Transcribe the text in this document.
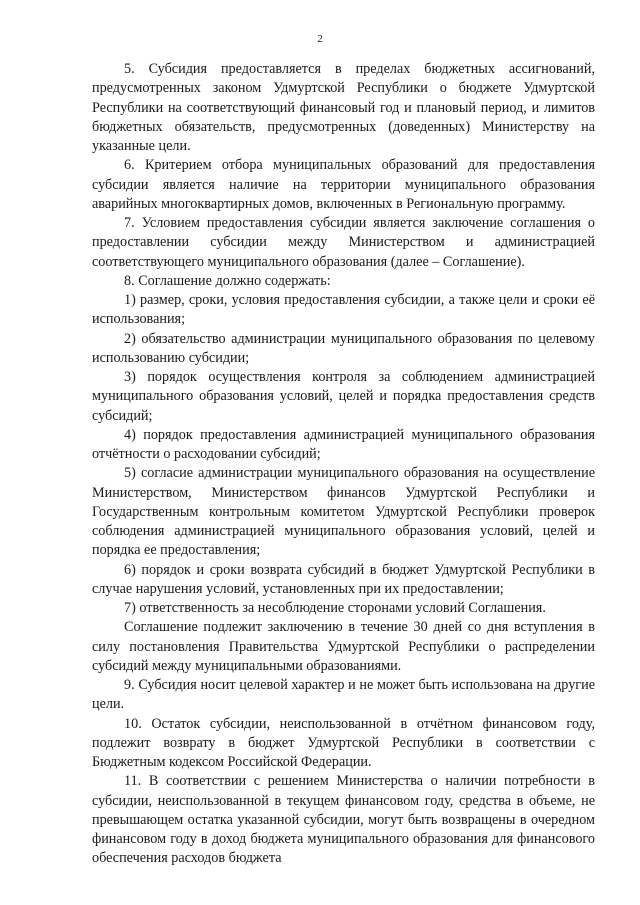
2

5. Субсидия предоставляется в пределах бюджетных ассигнований, предусмотренных законом Удмуртской Республики о бюджете Удмуртской Республики на соответствующий финансовый год и плановый период, и лимитов бюджетных обязательств, предусмотренных (доведенных) Министерству на указанные цели.

6. Критерием отбора муниципальных образований для предоставления субсидии является наличие на территории муниципального образования аварийных многоквартирных домов, включенных в Региональную программу.

7. Условием предоставления субсидии является заключение соглашения о предоставлении субсидии между Министерством и администрацией соответствующего муниципального образования (далее – Соглашение).

8. Соглашение должно содержать:

1) размер, сроки, условия предоставления субсидии, а также цели и сроки её использования;

2) обязательство администрации муниципального образования по целевому использованию субсидии;

3) порядок осуществления контроля за соблюдением администрацией муниципального образования условий, целей и порядка предоставления средств субсидий;

4) порядок предоставления администрацией муниципального образования отчётности о расходовании субсидий;

5) согласие администрации муниципального образования на осуществление Министерством, Министерством финансов Удмуртской Республики и Государственным контрольным комитетом Удмуртской Республики проверок соблюдения администрацией муниципального образования условий, целей и порядка ее предоставления;

6) порядок и сроки возврата субсидий в бюджет Удмуртской Республики в случае нарушения условий, установленных при их предоставлении;

7) ответственность за несоблюдение сторонами условий Соглашения.

Соглашение подлежит заключению в течение 30 дней со дня вступления в силу постановления Правительства Удмуртской Республики о распределении субсидий между муниципальными образованиями.

9. Субсидия носит целевой характер и не может быть использована на другие цели.

10. Остаток субсидии, неиспользованной в отчётном финансовом году, подлежит возврату в бюджет Удмуртской Республики в соответствии с Бюджетным кодексом Российской Федерации.

11. В соответствии с решением Министерства о наличии потребности в субсидии, неиспользованной в текущем финансовом году, средства в объеме, не превышающем остатка указанной субсидии, могут быть возвращены в очередном финансовом году в доход бюджета муниципального образования для финансового обеспечения расходов бюджета
